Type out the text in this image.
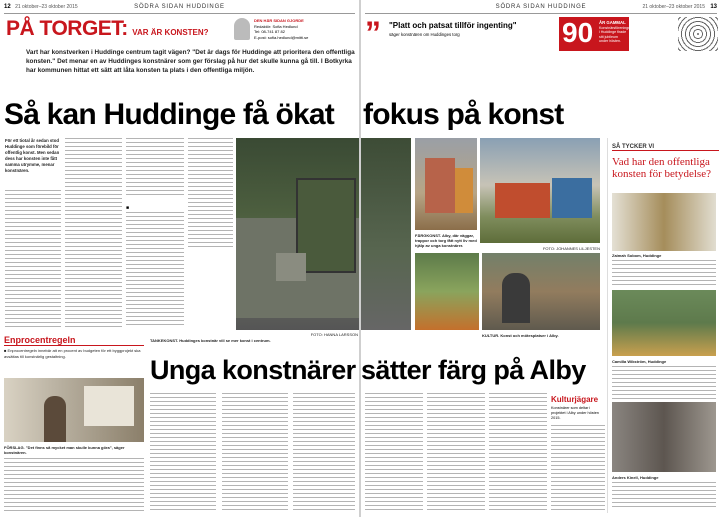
12 21 oktober–23 oktober 2015	SÖDRA SIDAN HUDDINGE
PÅ TORGET: VAR ÄR KONSTEN?
DEN HÄR SIDAN GJORDE
Redaktör: Sofia Hedlund
Tel: 08-741 87 82
E-post: sofia.hedlund@mitti.se
Vart har konstverken i Huddinge centrum tagit vägen? "Det är dags för Huddinge att prioritera den offentliga konsten." Det menar en av Huddinges konstnärer som ger förslag på hur det skulle kunna gå till. I Botkyrka har kommunen hittat ett sätt att låta konsten ta plats i den offentliga miljön.
Så kan Huddinge få ökat
För ett tiotal år sedan stod Huddinge som förebild för offentlig konst. Men sedan dess har konsten inte fått samma utrymme, menar konstnären.
■
FOTO: HANNA LARSSON
TANKEKONST. Huddinges konstnär vill se mer konst i centrum.
Enprocentregeln
■ Enprocentregeln innebär att en procent av budgeten för ett byggprojekt ska avsättas till konstnärlig gestaltning.	Unga konstnärer
FÖRSLAG. "Det finns så mycket man skulle kunna göra", säger konstnären.
SÖDRA SIDAN HUDDINGE	21 oktober–23 oktober 2015 13
” "Platt och patsat tillför ingenting"
säger konstnären om Huddinges torg	90 ÅR GAMMAL
Konstnärsföreningen i Huddinge firade sitt jubileum under hösten.
fokus på konst
FÄRGKONST. Alby, där väggar, trappor och torg fått nytt liv med hjälp av unga konstnärer.
FOTO: JOHANNES LILJESTEN
KULTUR. Konst och mötesplatser i Alby.
sätter färg på Alby
Kulturjägare
Konstnärer som deltar i projektet i Alby under hösten 2015.
SÅ TYCKER VI
Vad har den offentliga konsten för betydelse?
Zaimah Sobom, Huddinge
Camilla Wikström, Huddinge
Anders Kinell, Huddinge
